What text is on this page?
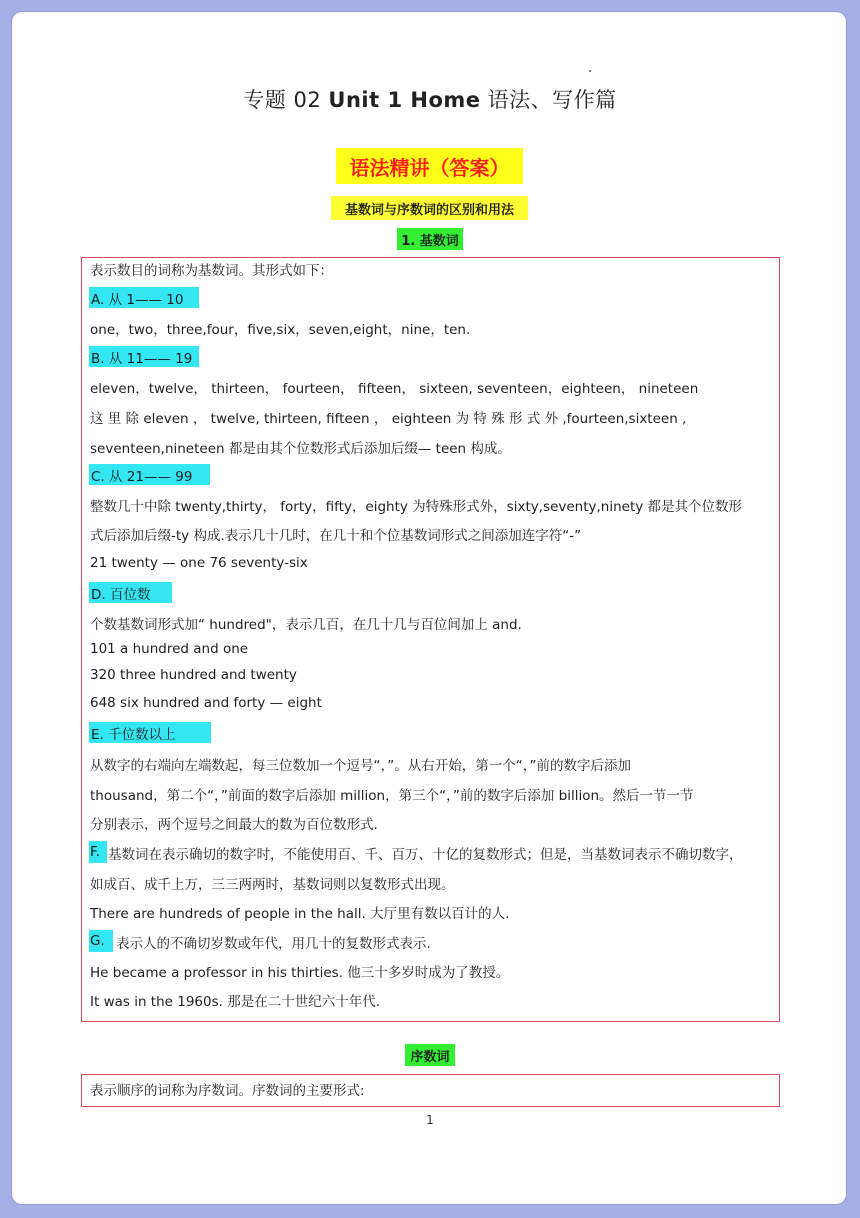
专题 02 Unit 1 Home 语法、写作篇
语法精讲（答案）
基数词与序数词的区别和用法
1. 基数词
表示数目的词称为基数词。其形式如下：
A. 从 1—— 10
one，two，three,four，five,six，seven,eight，nine，ten.
B. 从 11—— 19
eleven，twelve， thirteen， fourteen， fifteen， sixteen, seventeen，eighteen， nineteen
这 里 除 eleven ， twelve, thirteen, fifteen ， eighteen 为 特 殊 形 式 外 ,fourteen,sixteen ,
seventeen,nineteen 都是由其个位数形式后添加后缀— teen 构成。
C. 从 21—— 99
整数几十中除 twenty,thirty， forty，fifty，eighty 为特殊形式外，sixty,seventy,ninety 都是其个位数形
式后添加后缀-ty 构成.表示几十几时，在几十和个位基数词形式之间添加连字符“-”
21 twenty — one 76 seventy-six
D. 百位数
个数基数词形式加“ hundred"，表示几百，在几十几与百位间加上 and.
101 a hundred and one
320 three hundred and twenty
648 six hundred and forty — eight
E. 千位数以上
从数字的右端向左端数起，每三位数加一个逗号“，”。从右开始，第一个“，”前的数字后添加
thousand，第二个“，”前面的数字后添加 million，第三个“，”前的数字后添加 billion。然后一节一节
分别表示，两个逗号之间最大的数为百位数形式.
F. 基数词在表示确切的数字时，不能使用百、千、百万、十亿的复数形式；但是，当基数词表示不确切数字，
如成百、成千上万，三三两两时，基数词则以复数形式出现。
There are hundreds of people in the hall. 大厅里有数以百计的人.
G. 表示人的不确切岁数或年代，用几十的复数形式表示.
He became a professor in his thirties. 他三十多岁时成为了教授。
It was in the 1960s. 那是在二十世纪六十年代.
序数词
表示顺序的词称为序数词。序数词的主要形式:
1
